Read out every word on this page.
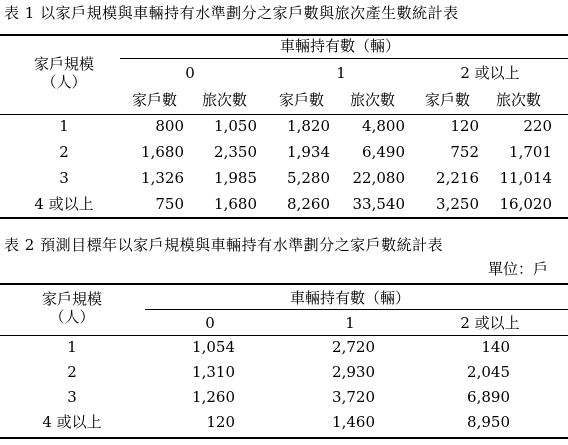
表 1 以家戶規模與車輛持有水準劃分之家戶數與旅次產生數統計表
家戶規模
（人）
車輛持有數（輛）
0	1	2 或以上
家戶數 旅次數 家戶數 旅次數 家戶數 旅次數
1	800	1,050	1,820	4,800	120	220
2	1,680	2,350	1,934	6,490	752	1,701
3	1,326	1,985	5,280	22,080	2,216	11,014
4 或以上	750	1,680	8,260	33,540	3,250	16,020
表 2 預測目標年以家戶規模與車輛持有水準劃分之家戶數統計表
單位：戶
家戶規模
（人）
車輛持有數（輛）
0	1	2 或以上
1	1,054	2,720	140
2	1,310	2,930	2,045
3	1,260	3,720	6,890
4 或以上	120	1,460	8,950
